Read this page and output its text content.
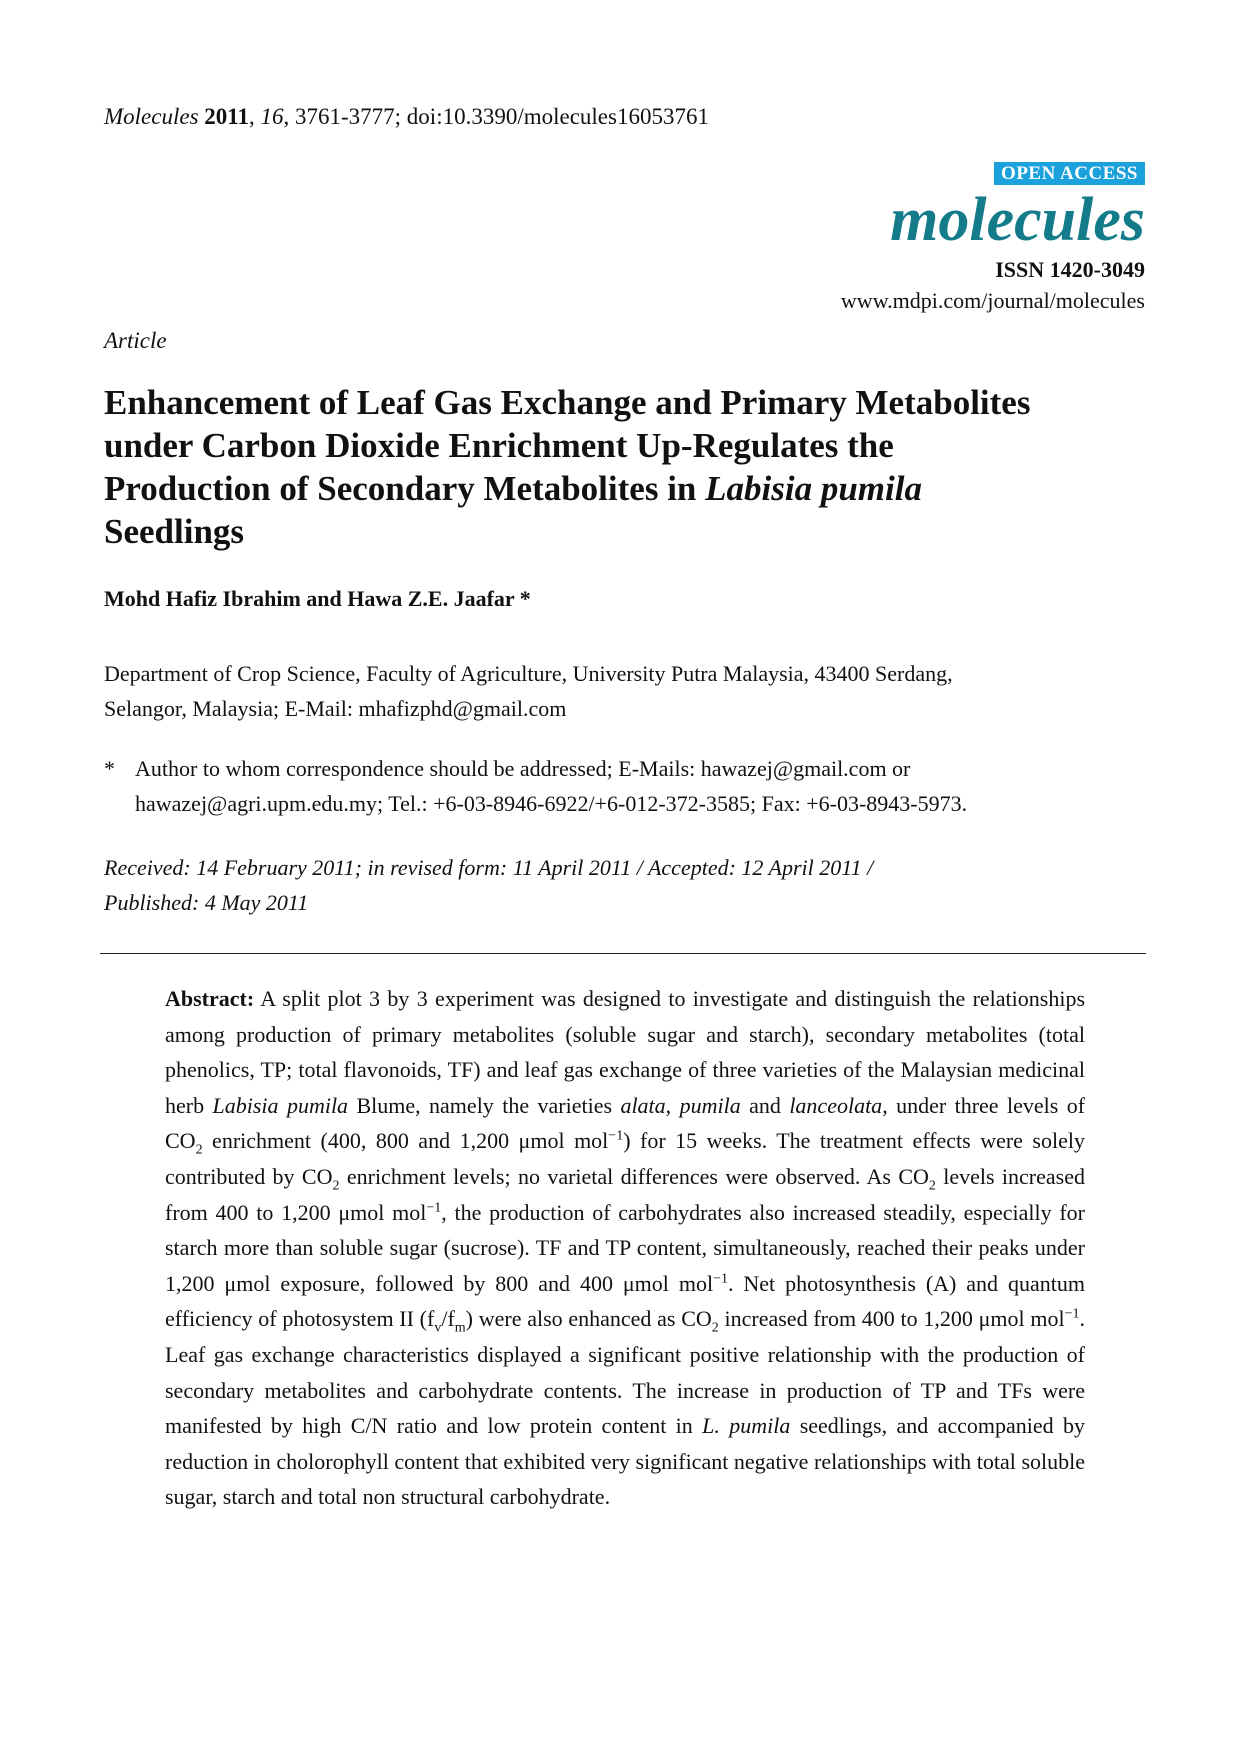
Molecules 2011, 16, 3761-3777; doi:10.3390/molecules16053761
OPEN ACCESS
molecules
ISSN 1420-3049
www.mdpi.com/journal/molecules
Article
Enhancement of Leaf Gas Exchange and Primary Metabolites
under Carbon Dioxide Enrichment Up-Regulates the
Production of Secondary Metabolites in Labisia pumila
Seedlings
Mohd Hafiz Ibrahim and Hawa Z.E. Jaafar *
Department of Crop Science, Faculty of Agriculture, University Putra Malaysia, 43400 Serdang,
Selangor, Malaysia; E-Mail: mhafizphd@gmail.com
* Author to whom correspondence should be addressed; E-Mails: hawazej@gmail.com or
hawazej@agri.upm.edu.my; Tel.: +6-03-8946-6922/+6-012-372-3585; Fax: +6-03-8943-5973.
Received: 14 February 2011; in revised form: 11 April 2011 / Accepted: 12 April 2011 /
Published: 4 May 2011

Abstract: A split plot 3 by 3 experiment was designed to investigate and distinguish the relationships among production of primary metabolites (soluble sugar and starch), secondary metabolites (total phenolics, TP; total flavonoids, TF) and leaf gas exchange of three varieties of the Malaysian medicinal herb Labisia pumila Blume, namely the varieties alata, pumila and lanceolata, under three levels of $CO_2$ enrichment (400, 800 and 1,200 μmol mol$^{-1}$) for 15 weeks. The treatment effects were solely contributed by $CO_2$ enrichment levels; no varietal differences were observed. As $CO_2$ levels increased from 400 to 1,200 μmol mol$^{-1}$, the production of carbohydrates also increased steadily, especially for starch more than soluble sugar (sucrose). TF and TP content, simultaneously, reached their peaks under 1,200 μmol exposure, followed by 800 and 400 μmol mol$^{-1}$. Net photosynthesis (A) and quantum efficiency of photosystem II $(f_v/f_m)$ were also enhanced as $CO_2$ increased from 400 to 1,200 μmol mol$^{-1}$. Leaf gas exchange characteristics displayed a significant positive relationship with the production of secondary metabolites and carbohydrate contents. The increase in production of TP and TFs were manifested by high C/N ratio and low protein content in L. pumila seedlings, and accompanied by reduction in cholorophyll content that exhibited very significant negative relationships with total soluble sugar, starch and total non structural carbohydrate.
